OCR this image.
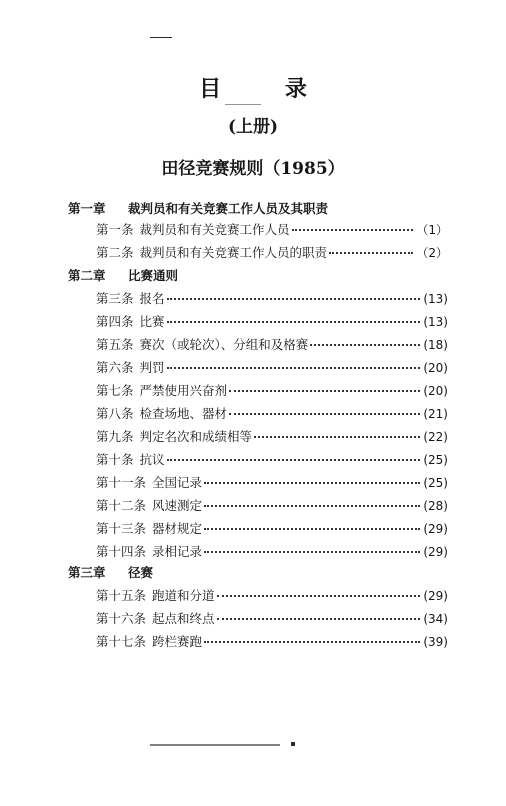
目 录
(上册)
田径竞赛规则（1985）
第一章 裁判员和有关竞赛工作人员及其职责
第一条 裁判员和有关竞赛工作人员	（1）
第二条 裁判员和有关竞赛工作人员的职责	（2）
第二章 比赛通则
第三条 报名	(13)
第四条 比赛	(13)
第五条 赛次（或轮次）、分组和及格赛	(18)
第六条 判罚	(20)
第七条 严禁使用兴奋剂	(20)
第八条 检查场地、器材	(21)
第九条 判定名次和成绩相等	(22)
第十条 抗议	(25)
第十一条 全国记录	(25)
第十二条 风速测定	(28)
第十三条 器材规定	(29)
第十四条 录相记录	(29)
第三章 径赛
第十五条 跑道和分道	(29)
第十六条 起点和终点	(34)
第十七条 跨栏赛跑	(39)
